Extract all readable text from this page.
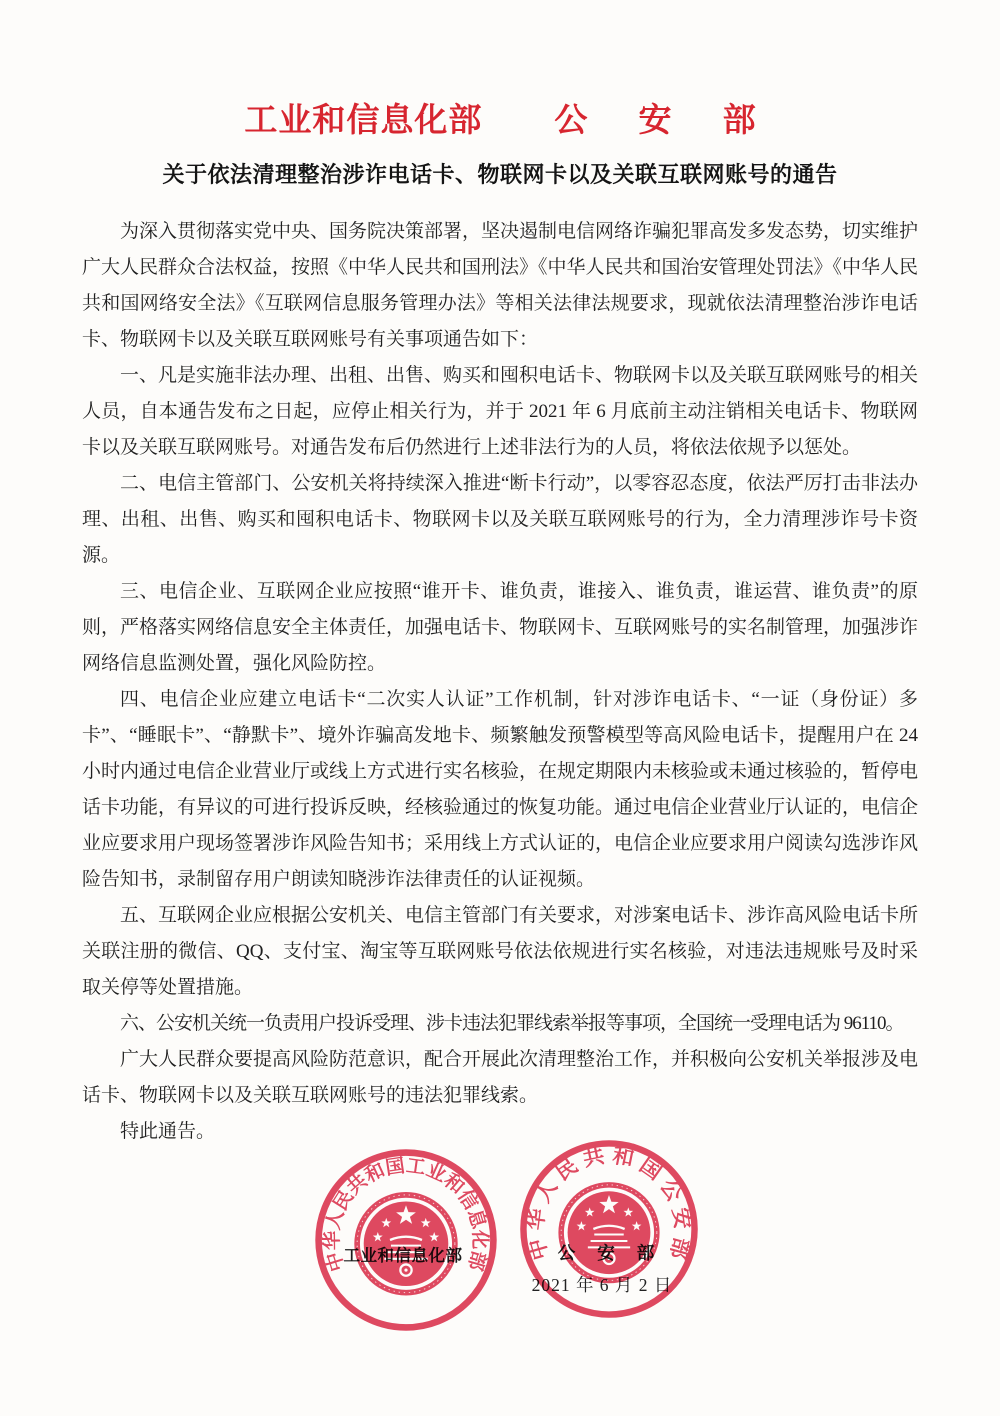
工业和信息化部 公安部
关于依法清理整治涉诈电话卡、物联网卡以及关联互联网账号的通告

为深入贯彻落实党中央、国务院决策部署，坚决遏制电信网络诈骗犯罪高发多发态势，切实维护广大人民群众合法权益，按照《中华人民共和国刑法》《中华人民共和国治安管理处罚法》《中华人民共和国网络安全法》《互联网信息服务管理办法》等相关法律法规要求，现就依法清理整治涉诈电话卡、物联网卡以及关联互联网账号有关事项通告如下：

一、凡是实施非法办理、出租、出售、购买和囤积电话卡、物联网卡以及关联互联网账号的相关人员，自本通告发布之日起，应停止相关行为，并于 2021 年 6 月底前主动注销相关电话卡、物联网卡以及关联互联网账号。对通告发布后仍然进行上述非法行为的人员，将依法依规予以惩处。

二、电信主管部门、公安机关将持续深入推进“断卡行动”，以零容忍态度，依法严厉打击非法办理、出租、出售、购买和囤积电话卡、物联网卡以及关联互联网账号的行为，全力清理涉诈号卡资源。

三、电信企业、互联网企业应按照“谁开卡、谁负责，谁接入、谁负责，谁运营、谁负责”的原则，严格落实网络信息安全主体责任，加强电话卡、物联网卡、互联网账号的实名制管理，加强涉诈网络信息监测处置，强化风险防控。

四、电信企业应建立电话卡“二次实人认证”工作机制，针对涉诈电话卡、“一证（身份证）多卡”、“睡眠卡”、“静默卡”、境外诈骗高发地卡、频繁触发预警模型等高风险电话卡，提醒用户在 24 小时内通过电信企业营业厅或线上方式进行实名核验，在规定期限内未核验或未通过核验的，暂停电话卡功能，有异议的可进行投诉反映，经核验通过的恢复功能。通过电信企业营业厅认证的，电信企业应要求用户现场签署涉诈风险告知书；采用线上方式认证的，电信企业应要求用户阅读勾选涉诈风险告知书，录制留存用户朗读知晓涉诈法律责任的认证视频。

五、互联网企业应根据公安机关、电信主管部门有关要求，对涉案电话卡、涉诈高风险电话卡所关联注册的微信、QQ、支付宝、淘宝等互联网账号依法依规进行实名核验，对违法违规账号及时采取关停等处置措施。

六、公安机关统一负责用户投诉受理、涉卡违法犯罪线索举报等事项，全国统一受理电话为 96110。

广大人民群众要提高风险防范意识，配合开展此次清理整治工作，并积极向公安机关举报涉及电话卡、物联网卡以及关联互联网账号的违法犯罪线索。

特此通告。

工业和信息化部	公安部
2021 年 6 月 2 日
中华人民共和国工业和信息化部 中华人民共和国公安部
